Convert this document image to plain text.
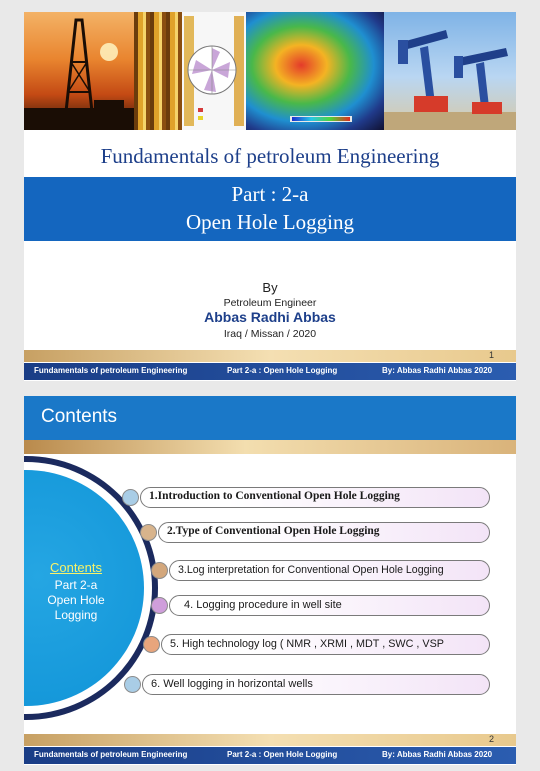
Fundamentals of petroleum Engineering
Part : 2-a
Open Hole Logging
By
Petroleum Engineer
Abbas Radhi Abbas
Iraq / Missan / 2020
1
Fundamentals of petroleum Engineering	Part 2-a : Open Hole Logging	By: Abbas Radhi Abbas 2020
Contents
Contents
Part 2-a
Open Hole
Logging
1.Introduction to Conventional Open Hole Logging
2.Type of Conventional Open Hole Logging
3.Log interpretation for Conventional Open Hole Logging
4. Logging procedure in well site
5. High technology log ( NMR , XRMI , MDT , SWC , VSP
6. Well logging in horizontal wells
2
Fundamentals of petroleum Engineering	Part 2-a : Open Hole Logging	By: Abbas Radhi Abbas 2020
